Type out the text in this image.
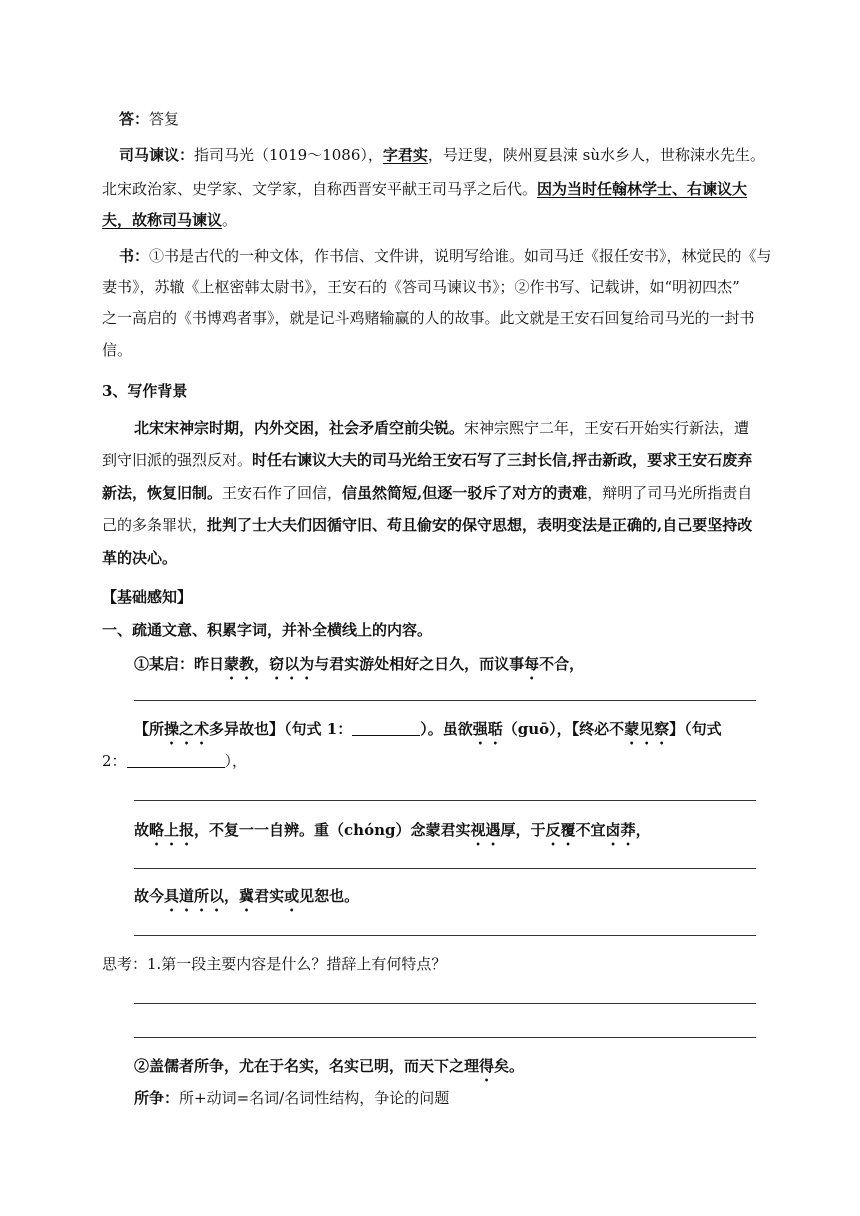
答：答复
司马谏议：指司马光（1019～1086），字君实，号迂叟，陕州夏县涑 sù水乡人，世称涑水先生。
北宋政治家、史学家、文学家，自称西晋安平献王司马孚之后代。因为当时任翰林学士、右谏议大
夫，故称司马谏议。
书：①书是古代的一种文体，作书信、文件讲，说明写给谁。如司马迁《报任安书》，林觉民的《与
妻书》，苏辙《上枢密韩太尉书》，王安石的《答司马谏议书》；②作书写、记载讲，如“明初四杰”
之一高启的《书博鸡者事》，就是记斗鸡赌输赢的人的故事。此文就是王安石回复给司马光的一封书
信。
3、写作背景
北宋宋神宗时期，内外交困，社会矛盾空前尖锐。宋神宗熙宁二年，王安石开始实行新法，遭
到守旧派的强烈反对。时任右谏议大夫的司马光给王安石写了三封长信,抨击新政，要求王安石废弃
新法，恢复旧制。王安石作了回信，信虽然简短,但逐一驳斥了对方的责难，辩明了司马光所指责自
己的多条罪状，批判了士大夫们因循守旧、苟且偷安的保守思想，表明变法是正确的,自己要坚持改
革的决心。
【基础感知】
一、疏通文意、积累字词，并补全横线上的内容。
①某启：昨日蒙教，窃以为与君实游处相好之日久，而议事每不合，
【所操之术多异故也】（句式 1：	）。虽欲强聒（guō），【终必不蒙见察】（句式
2：	），
故略上报，不复一一自辨。重（chóng）念蒙君实视遇厚，于反覆不宜卤莽，
故今具道所以，冀君实或见恕也。
思考：1.第一段主要内容是什么？措辞上有何特点？
②盖儒者所争，尤在于名实，名实已明，而天下之理得矣。
所争：所+动词=名词/名词性结构，争论的问题
